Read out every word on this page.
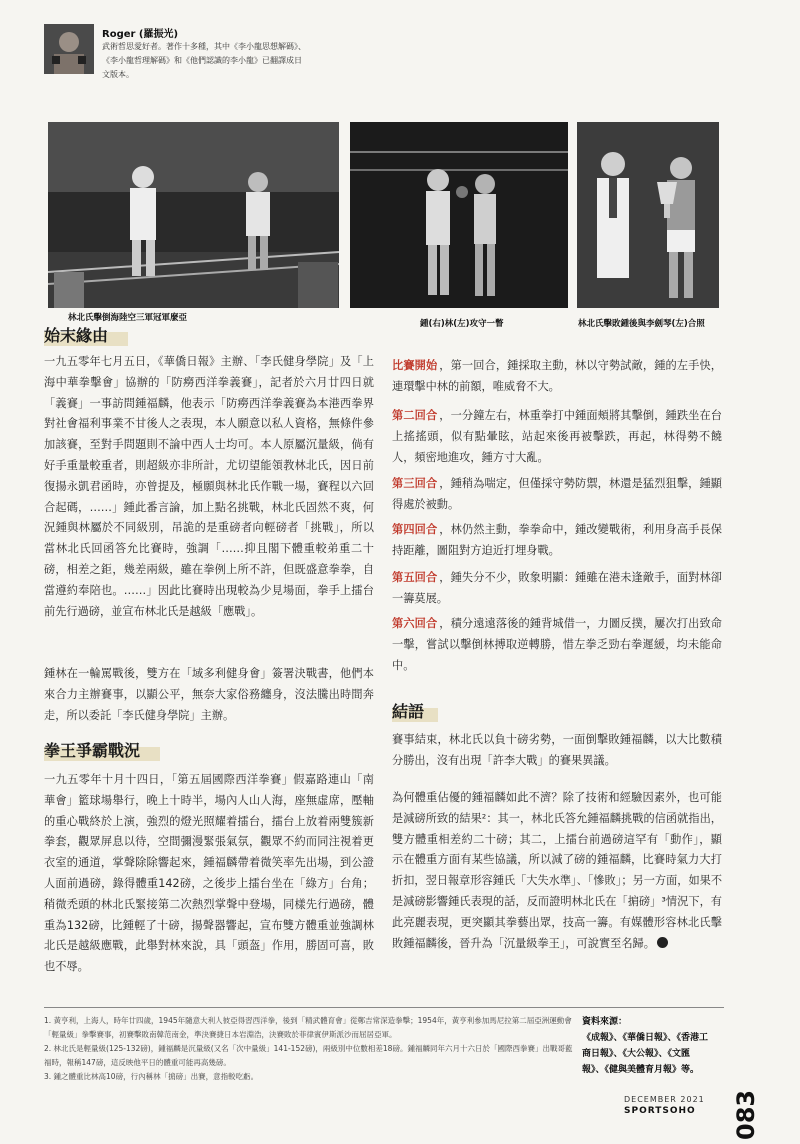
Roger (羅振光)
武術哲思愛好者。著作十多種，其中《李小龍思想解碼》、《李小龍哲理解碼》和《他們認識的李小龍》已翻譯成日文版本。
林北氏擊倒海陸空三軍冠軍麼亞
鍾(右)林(左)攻守一瞥	林北氏擊敗鍾後與李劍琴(左)合照
始末緣由
一九五零年七月五日，《華僑日報》主辦、「李氏健身學院」及「上海中華拳擊會」協辦的「防癆西洋拳義賽」，記者於六月廿四日就「義賽」一事訪問鍾福麟，他表示「防癆西洋拳義賽為本港西拳界對社會福利事業不甘後人之表現，本人願意以私人資格，無條件參加該賽，至對手問題則不論中西人士均可。本人原屬沉量級，倘有好手重量較重者，則超級亦非所計，尤切望能領教林北氏，因日前復揚永凱君函時，亦曾提及，極願與林北氏作戰一場，賽程以六回合起碼，……」鍾此番言論，加上點名挑戰，林北氏固然不爽，何況鍾與林屬於不同級別，吊詭的是重磅者向輕磅者「挑戰」，所以當林北氏回函答允比賽時，強調「……抑且閣下體重較弟重二十磅，相差之鉅，幾差兩級，雖在拳例上所不許，但既盛意拳拳，自當遵約奉陪也。……」因此比賽時出現較為少見場面，拳手上擂台前先行過磅，並宣布林北氏是越級「應戰」。
鍾林在一輪罵戰後，雙方在「域多利健身會」簽署決戰書，他們本來合力主辦賽事，以顯公平，無奈大家俗務纏身，沒法騰出時間奔走，所以委託「李氏健身學院」主辦。
拳王爭霸戰況
一九五零年十月十四日，「第五屆國際西洋拳賽」假嘉路連山「南華會」籃球場舉行，晚上十時半，場內人山人海，座無虛席，壓軸的重心戰終於上演，強烈的燈光照耀着擂台，擂台上放着兩雙簇新拳套，觀眾屏息以待，空間彌漫緊張氣氛，觀眾不約而同注視着更衣室的通道，掌聲除除響起來，鍾福麟帶着微笑率先出場，到公證人面前過磅，錄得體重142磅，之後步上擂台坐在「綠方」台角；稍微禿頭的林北氏緊接第二次熱烈掌聲中登場，同樣先行過磅，體重為132磅，比鍾輕了十磅，揚聲器響起，宣布雙方體重並強調林北氏是越級應戰，此舉對林來說，具「頭盔」作用，勝固可喜，敗也不辱。
比賽開始 ，第一回合，鍾採取主動，林以守勢試敵，鍾的左手快，連環擊中林的前額，唯威脅不大。
第二回合 ，一分鐘左右，林重拳打中鍾面頰將其擊倒，鍾跌坐在台上搖搖頭，似有點暈眩，站起來後再被擊跌，再起，林得勢不饒人，頻密地進攻，鍾方寸大亂。
第三回合 ，鍾稍為喘定，但僅採守勢防禦，林還是猛烈狙擊，鍾顯得處於被動。
第四回合 ，林仍然主動，拳拳命中，鍾改變戰術，利用身高手長保持距離，圖阻對方迫近打埋身戰。
第五回合 ，鍾失分不少，敗象明顯：鍾雖在港未逢敵手，面對林卻一籌莫展。
第六回合 ，積分遠遠落後的鍾背城借一，力圖反撲，屢次打出致命一擊，嘗試以擊倒林搏取逆轉勝，惜左拳乏勁右拳遲緩，均未能命中。
結語
賽事結束，林北氏以負十磅劣勢，一面倒擊敗鍾福麟，以大比數積分勝出，沒有出現「許李大戰」的賽果異議。
為何體重佔優的鍾福麟如此不濟？除了技術和經驗因素外，也可能是減磅所致的結果²：其一，林北氏答允鍾福麟挑戰的信函就指出，雙方體重相差約二十磅；其二，上擂台前過磅這罕有「動作」，顯示在體重方面有某些協議，所以減了磅的鍾福麟，比賽時氣力大打折扣，翌日報章形容鍾氏「大失水準」、「慘敗」；另一方面，如果不是減磅影響鍾氏表現的話，反而證明林北氏在「掮磅」³情況下，有此亮麗表現，更突顯其拳藝出眾，技高一籌。有媒體形容林北氏擊敗鍾福麟後，晉升為「沉量級拳王」，可說實至名歸。

1. 黃亨利，上海人，時年廿四歲，1945年隨意大利人彼亞得習西洋拳，後到「精武體育會」從鄭吉常深造拳擊；1954年，黃亨利參加馬尼拉第二屆亞洲運動會「輕量級」拳擊賽事，初賽擊敗南韓范南金，準決賽捷日本岩淵浩，決賽敗於菲律賓伊斯派沙而屈居亞軍。

2. 林北氏是輕量級(125-132磅)，鍾福麟是沉量級(又名「次中量級」141-152磅)，兩級別中位數相差18磅。鍾福麟同年六月十六日於「國際西拳賽」出戰哥藍福時，報稱147磅，這反映他平日的體重可能再高幾磅。

3. 鍾之體重比林高10磅，行內稱林「掮磅」出賽，意指較吃虧。

資料來源：
《成報》、《華僑日報》、《香港工商日報》、《大公報》、《文匯報》、《健與美體育月報》等。
DECEMBER 2021
SPORTSOHO 083
